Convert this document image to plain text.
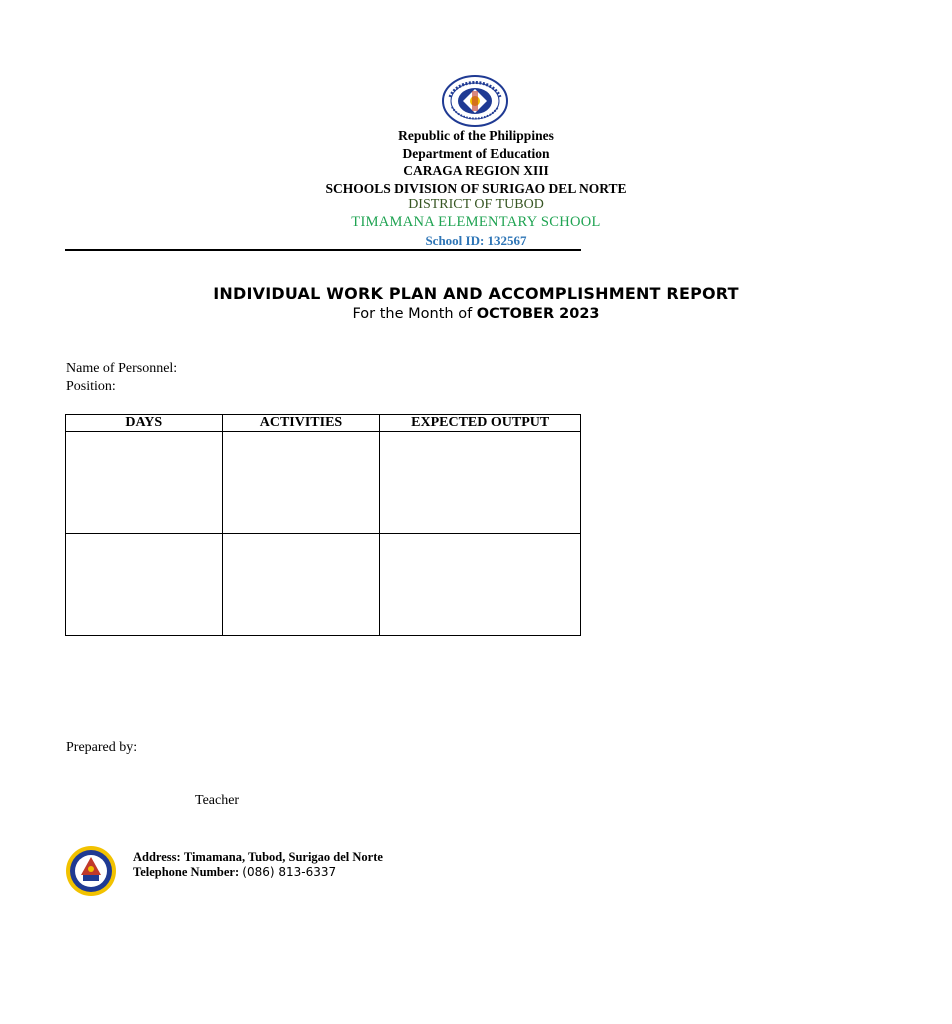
Republic of the Philippines
Department of Education
CARAGA REGION XIII
SCHOOLS DIVISION OF SURIGAO DEL NORTE
DISTRICT OF TUBOD
TIMAMANA ELEMENTARY SCHOOL
School ID: 132567
INDIVIDUAL WORK PLAN AND ACCOMPLISHMENT REPORT
For the Month of OCTOBER 2023
Name of Personnel:
Position:
DAYS	ACTIVITIES	EXPECTED OUTPUT

Prepared by:
Teacher
Address: Timamana, Tubod, Surigao del Norte
Telephone Number: (086) 813-6337
